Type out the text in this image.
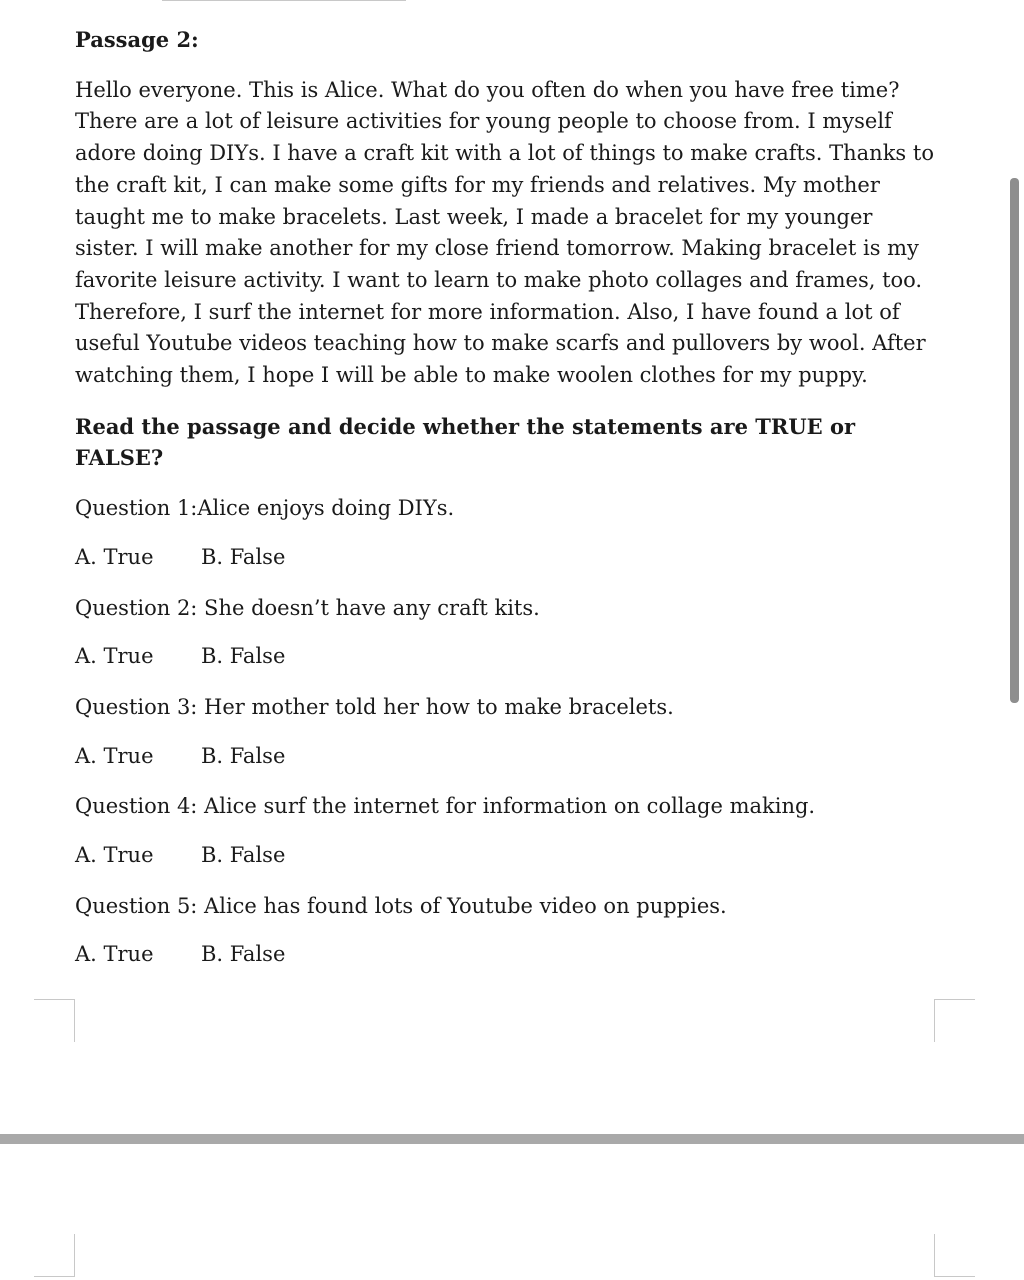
Passage 2:

Hello everyone. This is Alice. What do you often do when you have free time? There are a lot of leisure activities for young people to choose from. I myself adore doing DIYs. I have a craft kit with a lot of things to make crafts. Thanks to the craft kit, I can make some gifts for my friends and relatives. My mother taught me to make bracelets. Last week, I made a bracelet for my younger sister. I will make another for my close friend tomorrow. Making bracelet is my favorite leisure activity. I want to learn to make photo collages and frames, too. Therefore, I surf the internet for more information. Also, I have found a lot of useful Youtube videos teaching how to make scarfs and pullovers by wool. After watching them, I hope I will be able to make woolen clothes for my puppy.

Read the passage and decide whether the statements are TRUE or FALSE?

Question 1:Alice enjoys doing DIYs.

A. True	B. False

Question 2: She doesn’t have any craft kits.

A. True	B. False

Question 3: Her mother told her how to make bracelets.

A. True	B. False

Question 4: Alice surf the internet for information on collage making.

A. True	B. False

Question 5: Alice has found lots of Youtube video on puppies.

A. True	B. False
